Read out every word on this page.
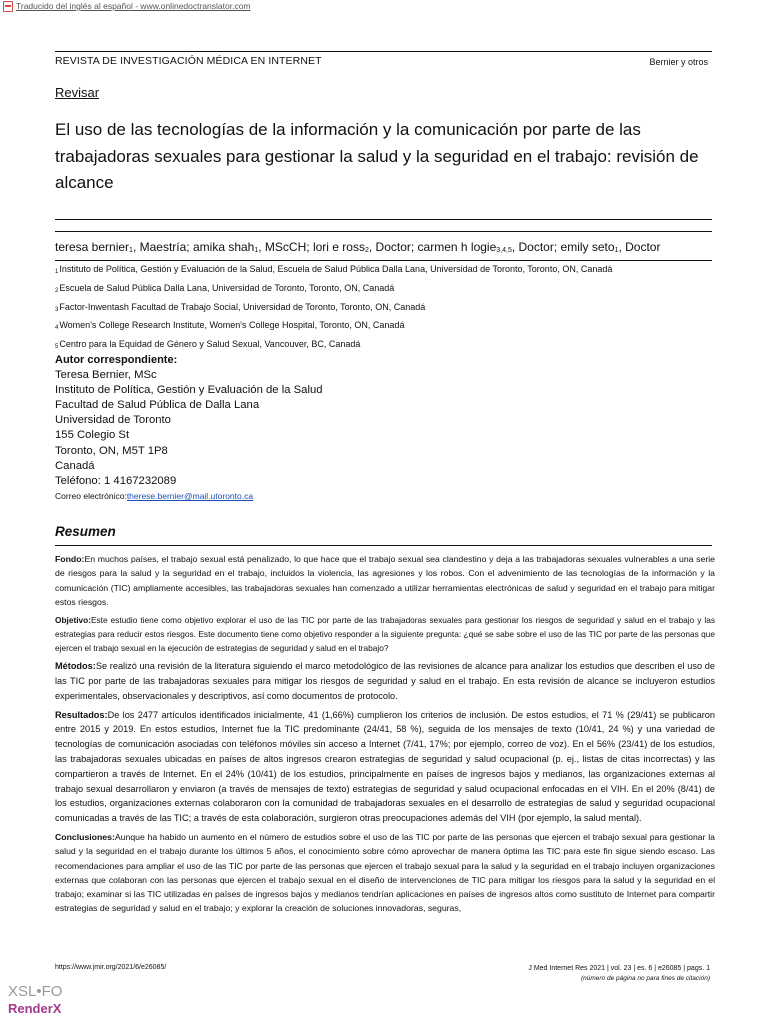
Traducido del inglés al español - www.onlinedoctranslator.com
REVISTA DE INVESTIGACIÓN MÉDICA EN INTERNET	Bernier y otros
Revisar
El uso de las tecnologías de la información y la comunicación por parte de las trabajadoras sexuales para gestionar la salud y la seguridad en el trabajo: revisión de alcance
teresa bernier$_1$, Maestría; amika shah$_1$, MScCH; lori e ross$_2$, Doctor; carmen h logie$_{3,4,5}$, Doctor; emily seto$_1$, Doctor
$_1$Instituto de Política, Gestión y Evaluación de la Salud, Escuela de Salud Pública Dalla Lana, Universidad de Toronto, Toronto, ON, Canadá
$_2$Escuela de Salud Pública Dalla Lana, Universidad de Toronto, Toronto, ON, Canadá
$_3$Factor-Inwentash Facultad de Trabajo Social, Universidad de Toronto, Toronto, ON, Canadá
$_4$Women's College Research Institute, Women's College Hospital, Toronto, ON, Canadá
$_5$Centro para la Equidad de Género y Salud Sexual, Vancouver, BC, Canadá
Autor correspondiente:
Teresa Bernier, MSc
Instituto de Política, Gestión y Evaluación de la Salud
Facultad de Salud Pública de Dalla Lana
Universidad de Toronto
155 Colegio St
Toronto, ON, M5T 1P8
Canadá
Teléfono: 1 4167232089
Correo electrónico:therese.bernier@mail.utoronto.ca
Resumen

Fondo:En muchos países, el trabajo sexual está penalizado, lo que hace que el trabajo sexual sea clandestino y deja a las trabajadoras sexuales vulnerables a una serie de riesgos para la salud y la seguridad en el trabajo, incluidos la violencia, las agresiones y los robos. Con el advenimiento de las tecnologías de la información y la comunicación (TIC) ampliamente accesibles, las trabajadoras sexuales han comenzado a utilizar herramientas electrónicas de salud y seguridad en el trabajo para mitigar estos riesgos.

Objetivo:Este estudio tiene como objetivo explorar el uso de las TIC por parte de las trabajadoras sexuales para gestionar los riesgos de seguridad y salud en el trabajo y las estrategias para reducir estos riesgos. Este documento tiene como objetivo responder a la siguiente pregunta: ¿qué se sabe sobre el uso de las TIC por parte de las personas que ejercen el trabajo sexual en la ejecución de estrategias de seguridad y salud en el trabajo?

Métodos:Se realizó una revisión de la literatura siguiendo el marco metodológico de las revisiones de alcance para analizar los estudios que describen el uso de las TIC por parte de las trabajadoras sexuales para mitigar los riesgos de seguridad y salud en el trabajo. En esta revisión de alcance se incluyeron estudios experimentales, observacionales y descriptivos, así como documentos de protocolo.

Resultados:De los 2477 artículos identificados inicialmente, 41 (1,66%) cumplieron los criterios de inclusión. De estos estudios, el 71 % (29/41) se publicaron entre 2015 y 2019. En estos estudios, Internet fue la TIC predominante (24/41, 58 %), seguida de los mensajes de texto (10/41, 24 %) y una variedad de tecnologías de comunicación asociadas con teléfonos móviles sin acceso a Internet (7/41, 17%; por ejemplo, correo de voz). En el 56% (23/41) de los estudios, las trabajadoras sexuales ubicadas en países de altos ingresos crearon estrategias de seguridad y salud ocupacional (p. ej., listas de citas incorrectas) y las compartieron a través de Internet. En el 24% (10/41) de los estudios, principalmente en países de ingresos bajos y medianos, las organizaciones externas al trabajo sexual desarrollaron y enviaron (a través de mensajes de texto) estrategias de seguridad y salud ocupacional enfocadas en el VIH. En el 20% (8/41) de los estudios, organizaciones externas colaboraron con la comunidad de trabajadoras sexuales en el desarrollo de estrategias de salud y seguridad ocupacional comunicadas a través de las TIC; a través de esta colaboración, surgieron otras preocupaciones además del VIH (por ejemplo, la salud mental).

Conclusiones:Aunque ha habido un aumento en el número de estudios sobre el uso de las TIC por parte de las personas que ejercen el trabajo sexual para gestionar la salud y la seguridad en el trabajo durante los últimos 5 años, el conocimiento sobre cómo aprovechar de manera óptima las TIC para este fin sigue siendo escaso. Las recomendaciones para ampliar el uso de las TIC por parte de las personas que ejercen el trabajo sexual para la salud y la seguridad en el trabajo incluyen organizaciones externas que colaboran con las personas que ejercen el trabajo sexual en el diseño de intervenciones de TIC para mitigar los riesgos para la salud y la seguridad en el trabajo; examinar si las TIC utilizadas en países de ingresos bajos y medianos tendrían aplicaciones en países de ingresos altos como sustituto de Internet para compartir estrategias de seguridad y salud en el trabajo; y explorar la creación de soluciones innovadoras, seguras,

https://www.jmir.org/2021/6/e26085/	J Med Internet Res 2021 | vol. 23 | es. 6 | e26085 | pags. 1
(número de página no para fines de citación)
XSL•FO
RenderX
